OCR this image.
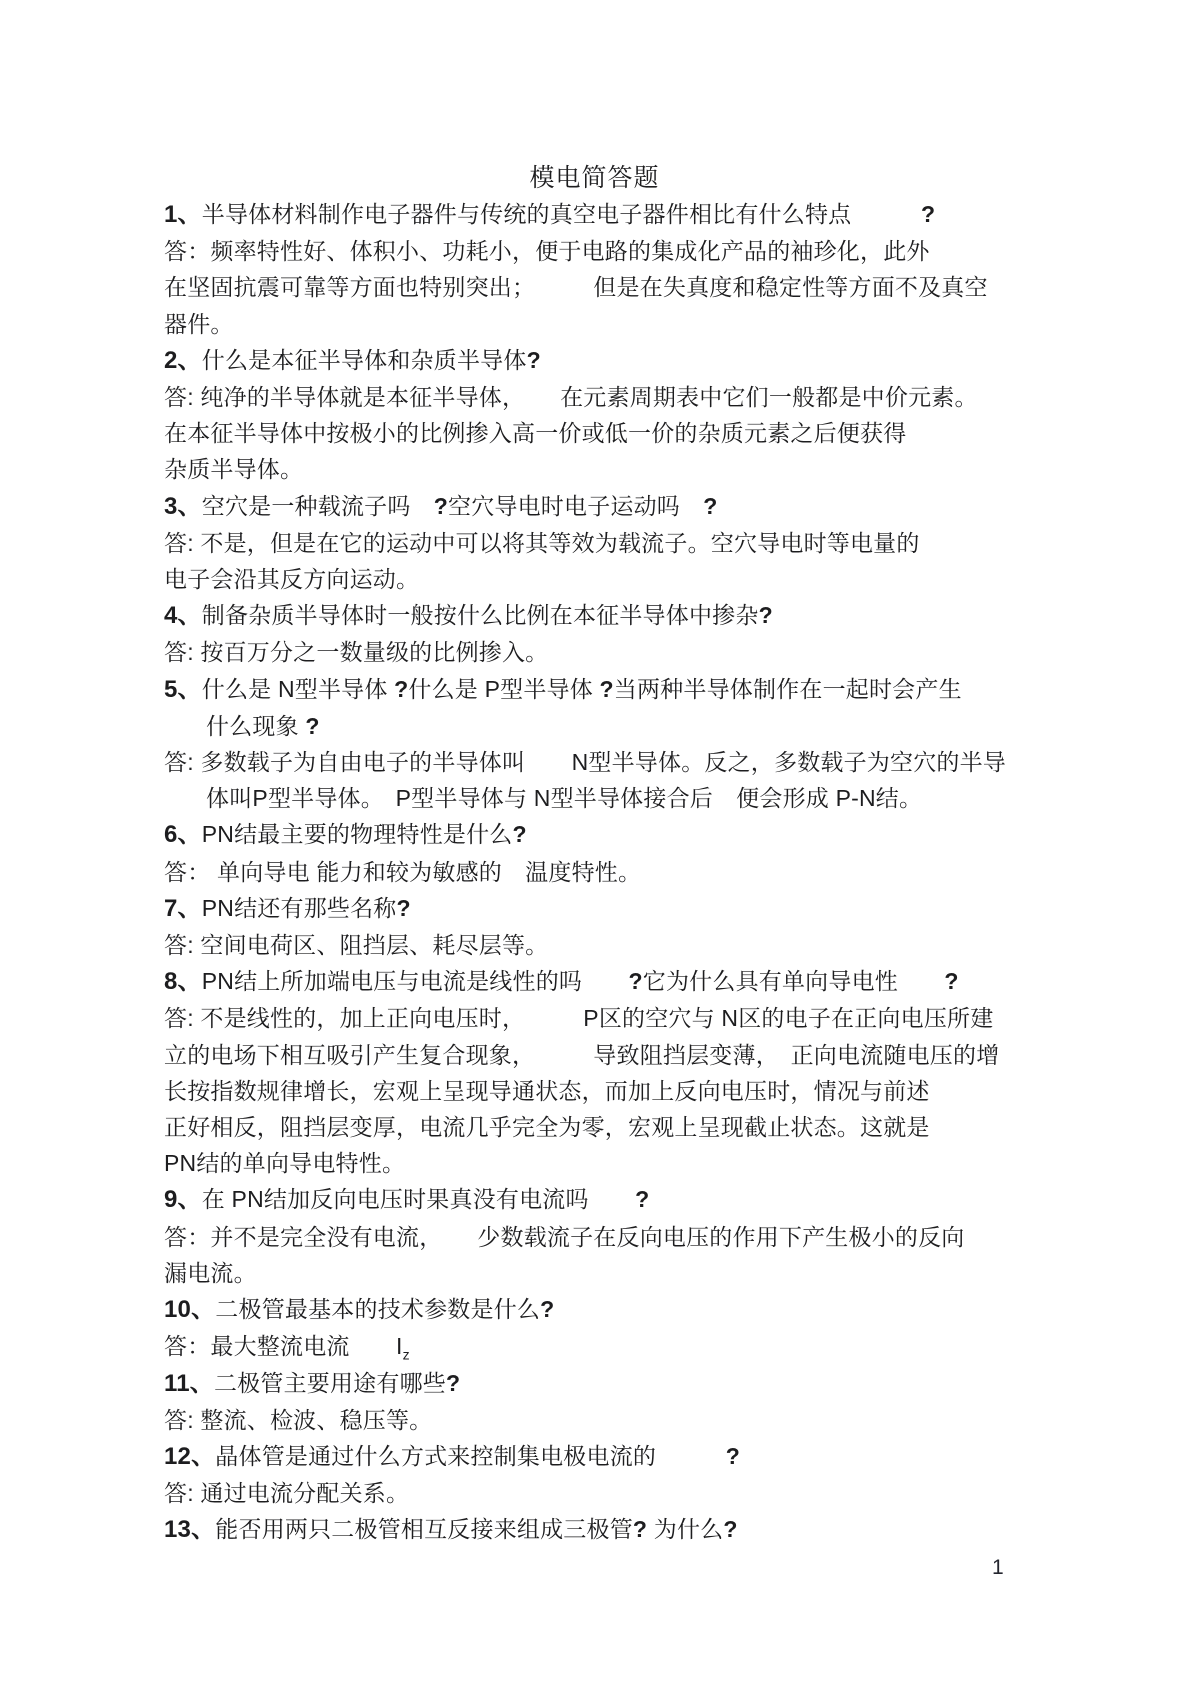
模电简答题
1、半导体材料制作电子器件与传统的真空电子器件相比有什么特点　　　?
答：频率特性好、体积小、功耗小，便于电路的集成化产品的袖珍化，此外
在坚固抗震可靠等方面也特别突出；　　　但是在失真度和稳定性等方面不及真空
器件。
2、什么是本征半导体和杂质半导体?
答: 纯净的半导体就是本征半导体，　　在元素周期表中它们一般都是中价元素。
在本征半导体中按极小的比例掺入高一价或低一价的杂质元素之后便获得
杂质半导体。
3、空穴是一种载流子吗　?空穴导电时电子运动吗　?
答: 不是，但是在它的运动中可以将其等效为载流子。空穴导电时等电量的
电子会沿其反方向运动。
4、制备杂质半导体时一般按什么比例在本征半导体中掺杂?
答: 按百万分之一数量级的比例掺入。
5、什么是 N型半导体 ?什么是 P型半导体 ?当两种半导体制作在一起时会产生
什么现象 ?
答: 多数载子为自由电子的半导体叫　　N型半导体。反之，多数载子为空穴的半导
体叫P型半导体。　P型半导体与 N型半导体接合后　便会形成 P-N结。
6、PN结最主要的物理特性是什么?
答： 单向导电 能力和较为敏感的　温度特性。
7、PN结还有那些名称?
答: 空间电荷区、阻挡层、耗尽层等。
8、PN结上所加端电压与电流是线性的吗　　?它为什么具有单向导电性　　?
答: 不是线性的，加上正向电压时，　　　P区的空穴与 N区的电子在正向电压所建
立的电场下相互吸引产生复合现象，　　　导致阻挡层变薄，　正向电流随电压的增
长按指数规律增长，宏观上呈现导通状态，而加上反向电压时，情况与前述
正好相反，阻挡层变厚，电流几乎完全为零，宏观上呈现截止状态。这就是
PN结的单向导电特性。
9、在 PN结加反向电压时果真没有电流吗　　?
答：并不是完全没有电流，　　少数载流子在反向电压的作用下产生极小的反向
漏电流。
10、二极管最基本的技术参数是什么?
答：最大整流电流　　$I_z$
11、二极管主要用途有哪些?
答: 整流、检波、稳压等。
12、晶体管是通过什么方式来控制集电极电流的　　　?
答: 通过电流分配关系。
13、能否用两只二极管相互反接来组成三极管? 为什么?
1
